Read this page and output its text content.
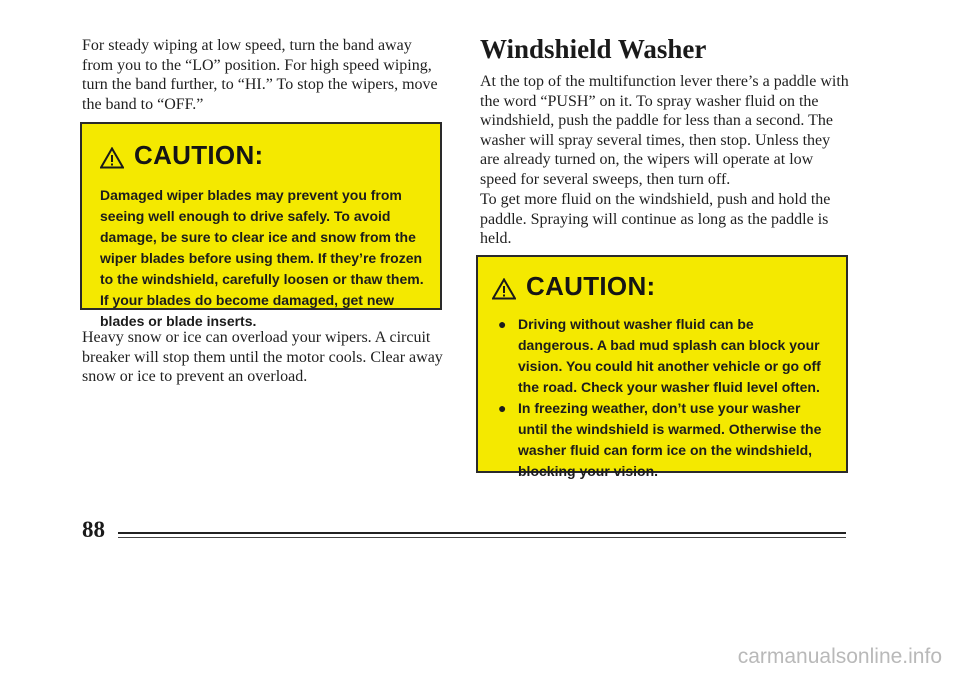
For steady wiping at low speed, turn the band away from you to the “LO” position. For high speed wiping, turn the band further, to “HI.” To stop the wipers, move the band to “OFF.”

CAUTION:

Damaged wiper blades may prevent you from seeing well enough to drive safely. To avoid damage, be sure to clear ice and snow from the wiper blades before using them. If they’re frozen to the windshield, carefully loosen or thaw them. If your blades do become damaged, get new blades or blade inserts.

Heavy snow or ice can overload your wipers. A circuit breaker will stop them until the motor cools. Clear away snow or ice to prevent an overload.

Windshield Washer

At the top of the multifunction lever there’s a paddle with the word “PUSH” on it. To spray washer fluid on the windshield, push the paddle for less than a second. The washer will spray several times, then stop. Unless they are already turned on, the wipers will operate at low speed for several sweeps, then turn off.

To get more fluid on the windshield, push and hold the paddle. Spraying will continue as long as the paddle is held.

CAUTION:
● Driving without washer fluid can be dangerous. A bad mud splash can block your vision. You could hit another vehicle or go off the road. Check your washer fluid level often.
● In freezing weather, don’t use your washer until the windshield is warmed. Otherwise the washer fluid can form ice on the windshield, blocking your vision.
88
carmanualsonline.info
